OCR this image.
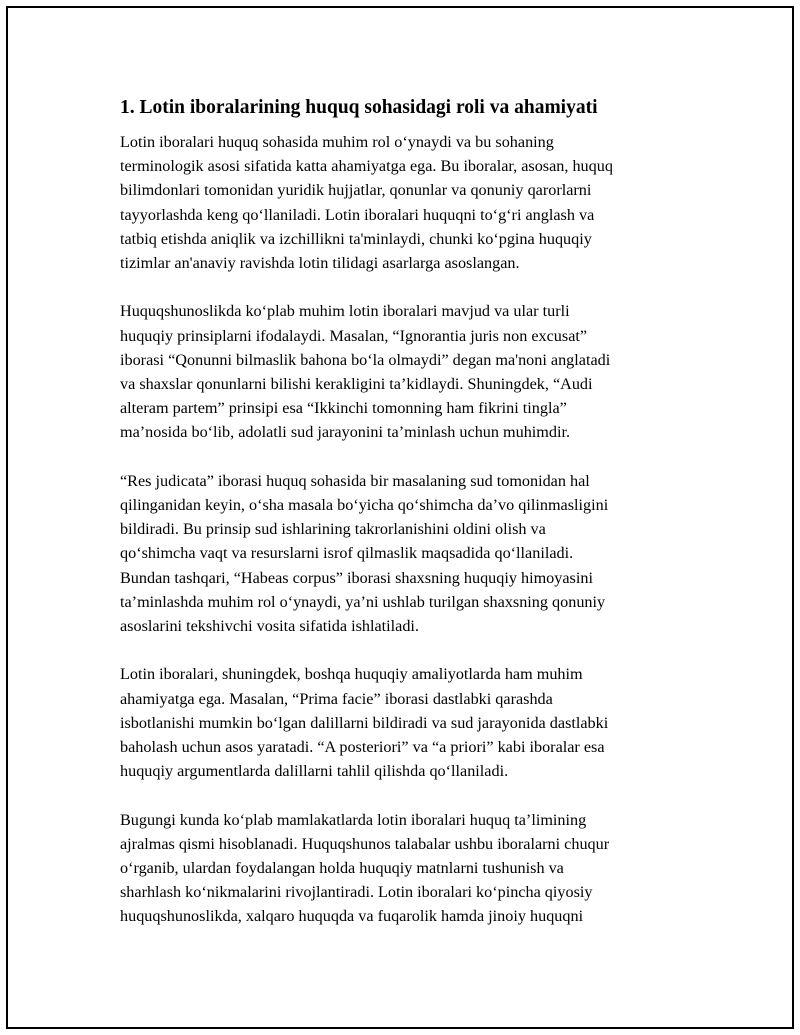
1. Lotin iboralarining huquq sohasidagi roli va ahamiyati

Lotin iboralari huquq sohasida muhim rol o‘ynaydi va bu sohaning
terminologik asosi sifatida katta ahamiyatga ega. Bu iboralar, asosan, huquq
bilimdonlari tomonidan yuridik hujjatlar, qonunlar va qonuniy qarorlarni
tayyorlashda keng qo‘llaniladi. Lotin iboralari huquqni to‘g‘ri anglash va
tatbiq etishda aniqlik va izchillikni ta'minlaydi, chunki ko‘pgina huquqiy
tizimlar an'anaviy ravishda lotin tilidagi asarlarga asoslangan.

Huquqshunoslikda ko‘plab muhim lotin iboralari mavjud va ular turli
huquqiy prinsiplarni ifodalaydi. Masalan, “Ignorantia juris non excusat”
iborasi “Qonunni bilmaslik bahona bo‘la olmaydi” degan ma'noni anglatadi
va shaxslar qonunlarni bilishi kerakligini ta’kidlaydi. Shuningdek, “Audi
alteram partem” prinsipi esa “Ikkinchi tomonning ham fikrini tingla”
ma’nosida bo‘lib, adolatli sud jarayonini ta’minlash uchun muhimdir.

“Res judicata” iborasi huquq sohasida bir masalaning sud tomonidan hal
qilinganidan keyin, o‘sha masala bo‘yicha qo‘shimcha da’vo qilinmasligini
bildiradi. Bu prinsip sud ishlarining takrorlanishini oldini olish va
qo‘shimcha vaqt va resurslarni isrof qilmaslik maqsadida qo‘llaniladi.
Bundan tashqari, “Habeas corpus” iborasi shaxsning huquqiy himoyasini
ta’minlashda muhim rol o‘ynaydi, ya’ni ushlab turilgan shaxsning qonuniy
asoslarini tekshivchi vosita sifatida ishlatiladi.

Lotin iboralari, shuningdek, boshqa huquqiy amaliyotlarda ham muhim
ahamiyatga ega. Masalan, “Prima facie” iborasi dastlabki qarashda
isbotlanishi mumkin bo‘lgan dalillarni bildiradi va sud jarayonida dastlabki
baholash uchun asos yaratadi. “A posteriori” va “a priori” kabi iboralar esa
huquqiy argumentlarda dalillarni tahlil qilishda qo‘llaniladi.

Bugungi kunda ko‘plab mamlakatlarda lotin iboralari huquq ta’limining
ajralmas qismi hisoblanadi. Huquqshunos talabalar ushbu iboralarni chuqur
o‘rganib, ulardan foydalangan holda huquqiy matnlarni tushunish va
sharhlash ko‘nikmalarini rivojlantiradi. Lotin iboralari ko‘pincha qiyosiy
huquqshunoslikda, xalqaro huquqda va fuqarolik hamda jinoiy huquqni
